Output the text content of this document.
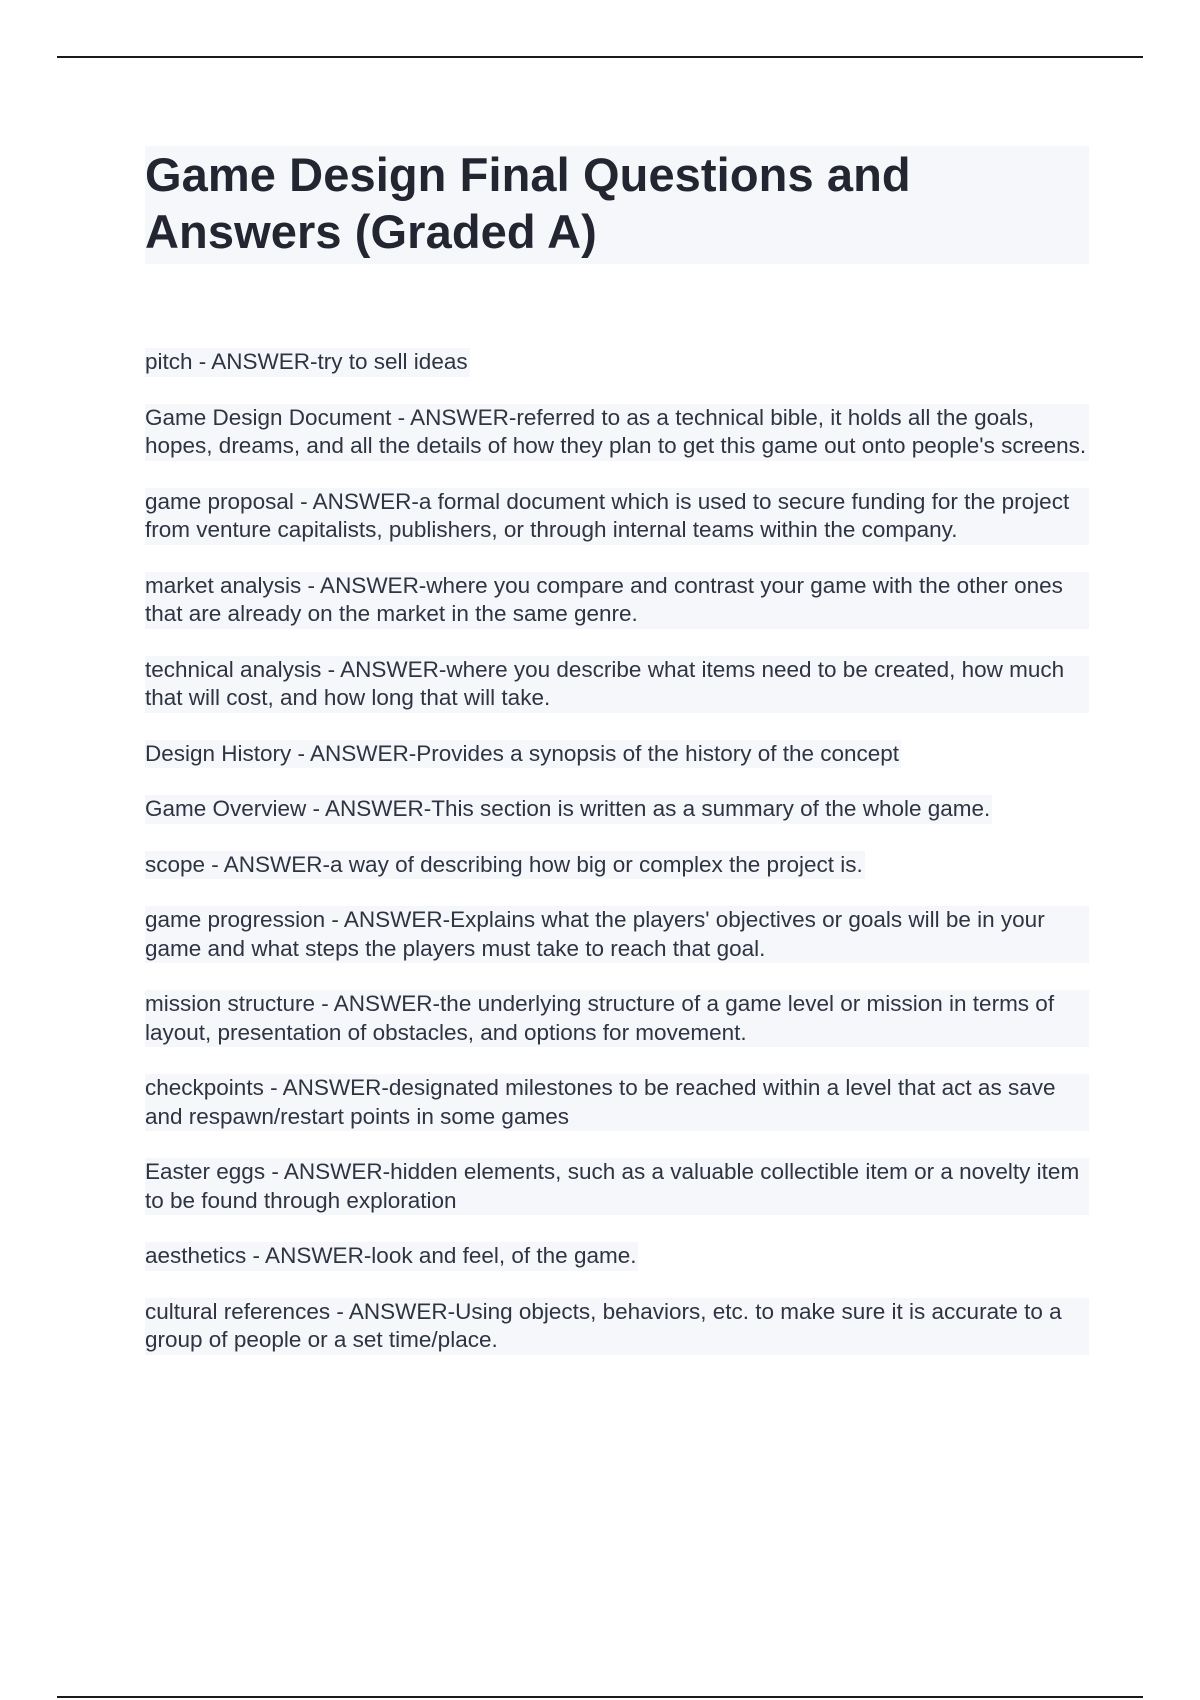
Game Design Final Questions and Answers (Graded A)
pitch - ANSWER-try to sell ideas
Game Design Document - ANSWER-referred to as a technical bible, it holds all the goals, hopes, dreams, and all the details of how they plan to get this game out onto people's screens.
game proposal - ANSWER-a formal document which is used to secure funding for the project from venture capitalists, publishers, or through internal teams within the company.
market analysis - ANSWER-where you compare and contrast your game with the other ones that are already on the market in the same genre.
technical analysis - ANSWER-where you describe what items need to be created, how much that will cost, and how long that will take.
Design History - ANSWER-Provides a synopsis of the history of the concept
Game Overview - ANSWER-This section is written as a summary of the whole game.
scope - ANSWER-a way of describing how big or complex the project is.
game progression - ANSWER-Explains what the players' objectives or goals will be in your game and what steps the players must take to reach that goal.
mission structure - ANSWER-the underlying structure of a game level or mission in terms of layout, presentation of obstacles, and options for movement.
checkpoints - ANSWER-designated milestones to be reached within a level that act as save and respawn/restart points in some games
Easter eggs - ANSWER-hidden elements, such as a valuable collectible item or a novelty item to be found through exploration
aesthetics - ANSWER-look and feel, of the game.
cultural references - ANSWER-Using objects, behaviors, etc. to make sure it is accurate to a group of people or a set time/place.
